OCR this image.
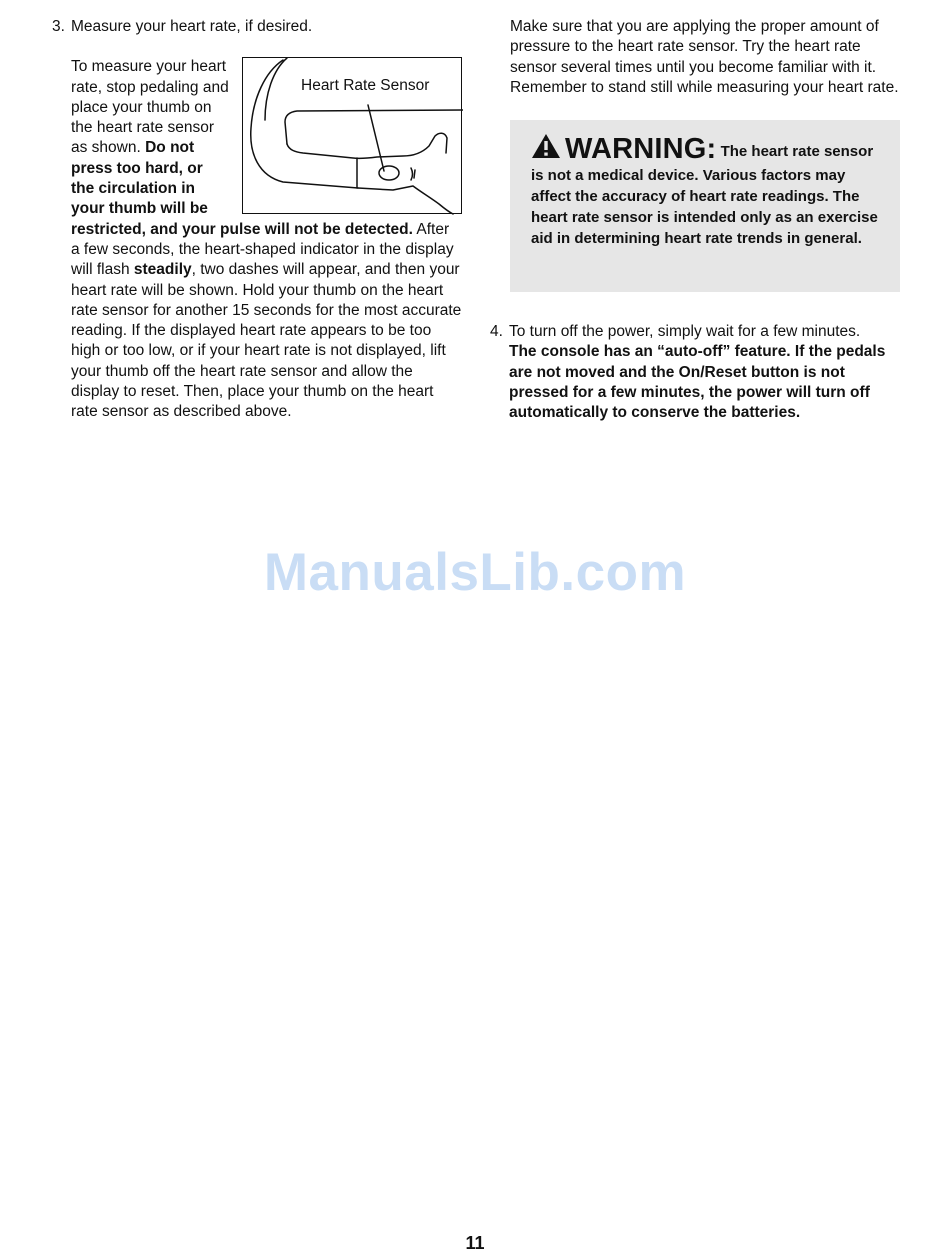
3. Measure your heart rate, if desired.

Heart Rate Sensor
To measure your heart rate, stop pedaling and place your thumb on the heart rate sensor as shown. Do not press too hard, or the circulation in your thumb will be restricted, and your pulse will not be detected. After a few seconds, the heart-shaped indicator in the display will flash steadily, two dashes will appear, and then your heart rate will be shown. Hold your thumb on the heart rate sensor for another 15 seconds for the most accurate reading. If the displayed heart rate appears to be too high or too low, or if your heart rate is not displayed, lift your thumb off the heart rate sensor and allow the display to reset. Then, place your thumb on the heart rate sensor as described above.

Make sure that you are applying the proper amount of pressure to the heart rate sensor. Try the heart rate sensor several times until you become familiar with it. Remember to stand still while measuring your heart rate.

WARNING: The heart rate sensor is not a medical device. Various factors may affect the accuracy of heart rate readings. The heart rate sensor is intended only as an exercise aid in determining heart rate trends in general.

4. To turn off the power, simply wait for a few minutes.

The console has an “auto-off” feature. If the pedals are not moved and the On/Reset button is not pressed for a few minutes, the power will turn off automatically to conserve the batteries.

ManualsLib.com
11
